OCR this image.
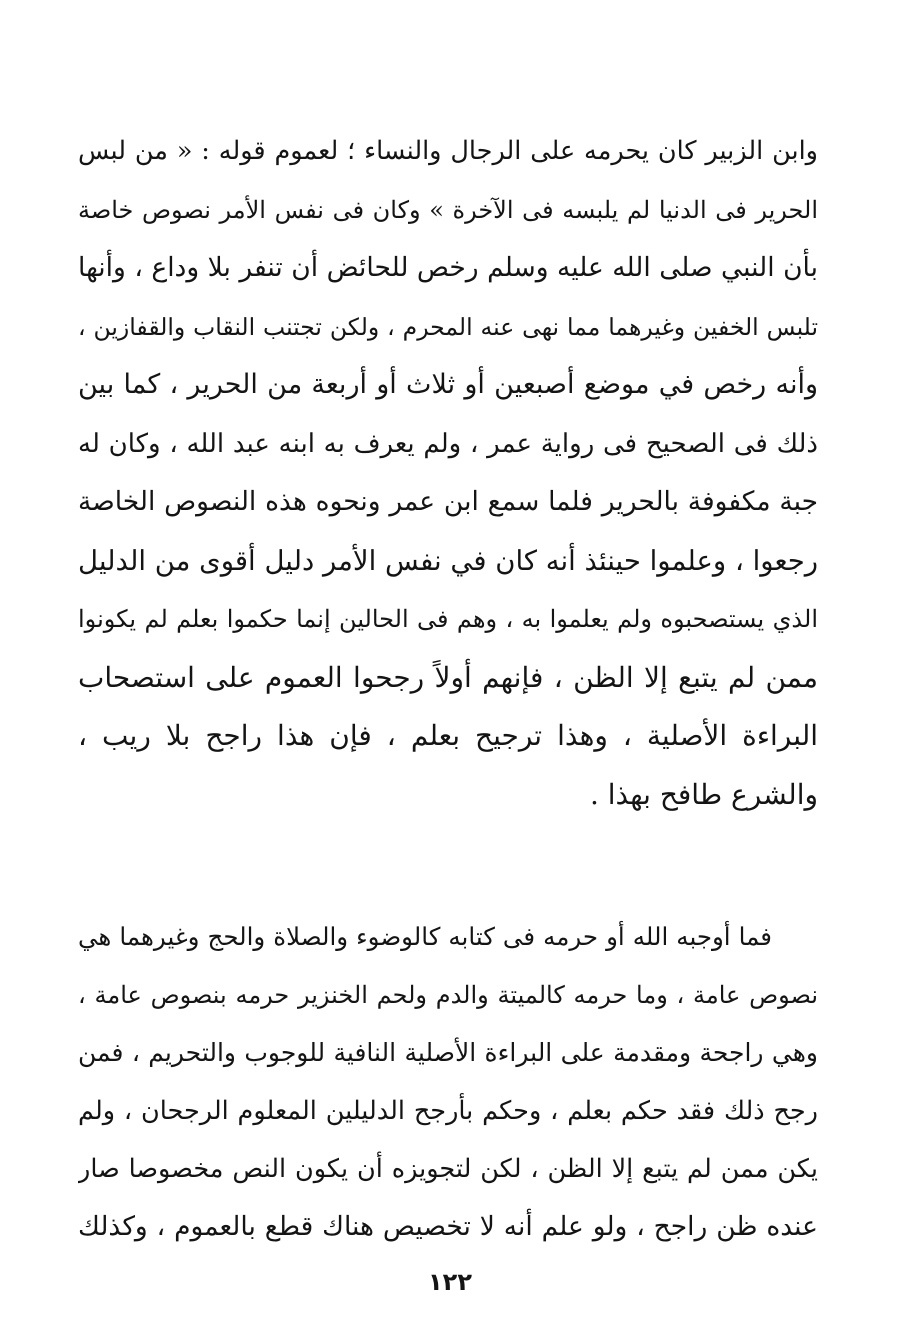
وابن الزبير كان يحرمه على الرجال والنساء ؛ لعموم قوله : « من لبس
الحرير فى الدنيا لم يلبسه فى الآخرة » وكان فى نفس الأمر نصوص خاصة
بأن النبي صلى الله عليه وسلم رخص للحائض أن تنفر بلا وداع ، وأنها
تلبس الخفين وغيرهما مما نهى عنه المحرم ، ولكن تجتنب النقاب والقفازين ،
وأنه رخص في موضع أصبعين أو ثلاث أو أربعة من الحرير ، كما بين
ذلك فى الصحيح فى رواية عمر ، ولم يعرف به ابنه عبد الله ، وكان له
جبة مكفوفة بالحرير فلما سمع ابن عمر ونحوه هذه النصوص الخاصة
رجعوا ، وعلموا حينئذ أنه كان في نفس الأمر دليل أقوى من الدليل
الذي يستصحبوه ولم يعلموا به ، وهم فى الحالين إنما حكموا بعلم لم يكونوا
ممن لم يتبع إلا الظن ، فإنهم أولاً رجحوا العموم على استصحاب
البراءة الأصلية ، وهذا ترجيح بعلم ، فإن هذا راجح بلا ريب ،
والشرع طافح بهذا .
فما أوجبه الله أو حرمه فى كتابه كالوضوء والصلاة والحج وغيرهما هي
نصوص عامة ، وما حرمه كالميتة والدم ولحم الخنزير حرمه بنصوص عامة ،
وهي راجحة ومقدمة على البراءة الأصلية النافية للوجوب والتحريم ، فمن
رجح ذلك فقد حكم بعلم ، وحكم بأرجح الدليلين المعلوم الرجحان ، ولم
يكن ممن لم يتبع إلا الظن ، لكن لتجويزه أن يكون النص مخصوصا صار
عنده ظن راجح ، ولو علم أنه لا تخصيص هناك قطع بالعموم ، وكذلك
١٢٢
